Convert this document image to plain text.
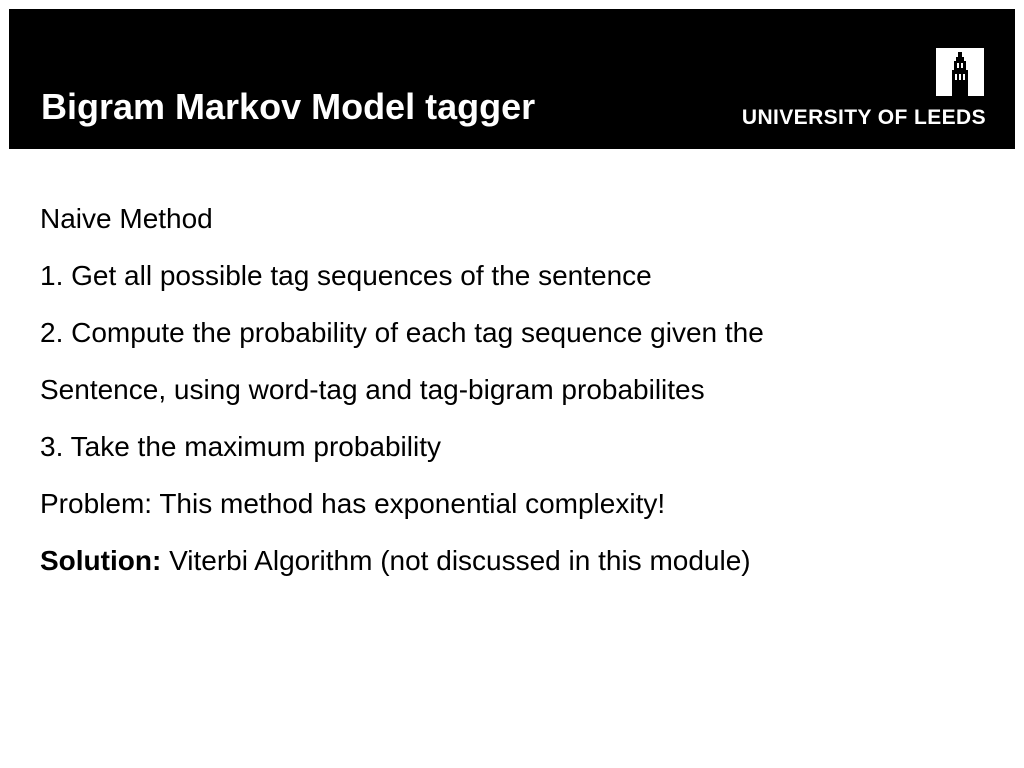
Bigram Markov Model tagger	UNIVERSITY OF LEEDS

Naive Method

1. Get all possible tag sequences of the sentence

2. Compute the probability of each tag sequence given the

Sentence, using word-tag and tag-bigram probabilites

3. Take the maximum probability

Problem: This method has exponential complexity!

Solution: Viterbi Algorithm (not discussed in this module)
